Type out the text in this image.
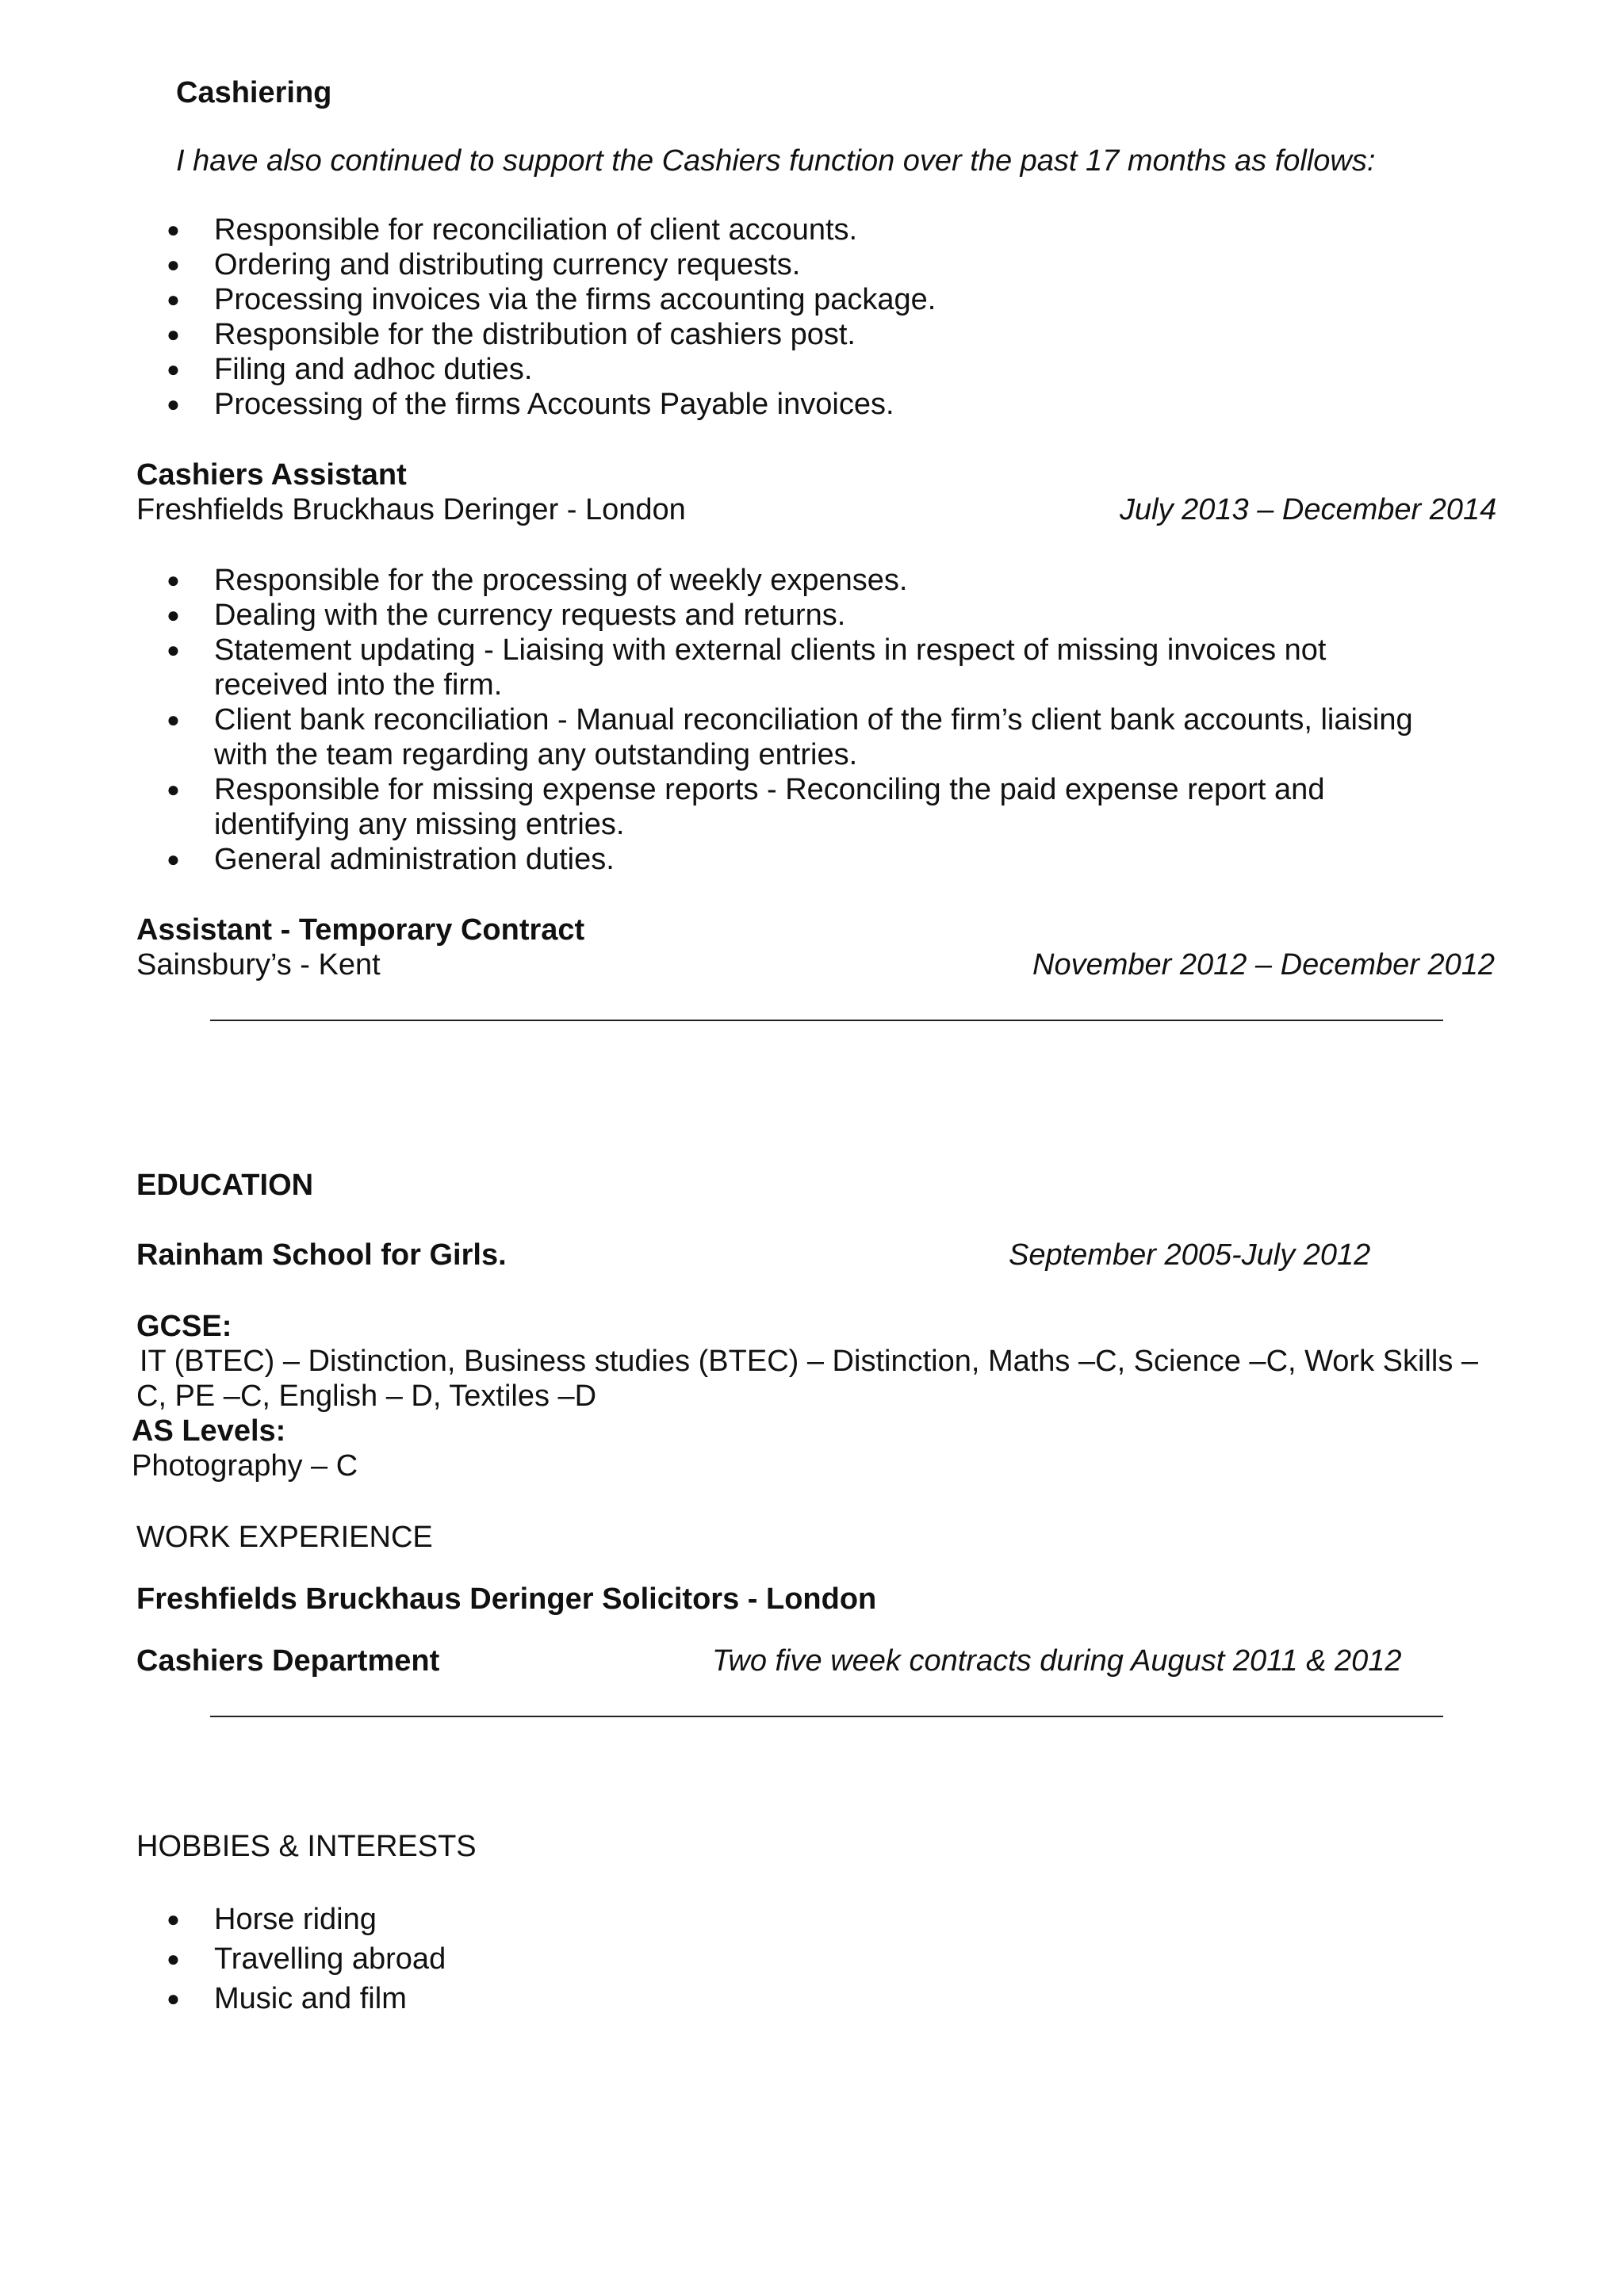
Cashiering
I have also continued to support the Cashiers function over the past 17 months as follows:
● Responsible for reconciliation of client accounts.
● Ordering and distributing currency requests.
● Processing invoices via the firms accounting package.
● Responsible for the distribution of cashiers post.
● Filing and adhoc duties.
● Processing of the firms Accounts Payable invoices.
Cashiers Assistant
Freshfields Bruckhaus Deringer - London	July 2013 – December 2014
● Responsible for the processing of weekly expenses.
● Dealing with the currency requests and returns.
● Statement updating - Liaising with external clients in respect of missing invoices not received into the firm.
● Client bank reconciliation - Manual reconciliation of the firm’s client bank accounts, liaising with the team regarding any outstanding entries.
● Responsible for missing expense reports - Reconciling the paid expense report and identifying any missing entries.
● General administration duties.
Assistant - Temporary Contract
Sainsbury’s - Kent	November 2012 – December 2012
EDUCATION
Rainham School for Girls.	September 2005-July 2012
GCSE:
IT (BTEC) – Distinction, Business studies (BTEC) – Distinction, Maths –C, Science –C, Work Skills –
C, PE –C, English – D, Textiles –D
AS Levels:
Photography – C
WORK EXPERIENCE
Freshfields Bruckhaus Deringer Solicitors - London
Cashiers Department	Two five week contracts during August 2011 & 2012
HOBBIES & INTERESTS
● Horse riding
● Travelling abroad
● Music and film
